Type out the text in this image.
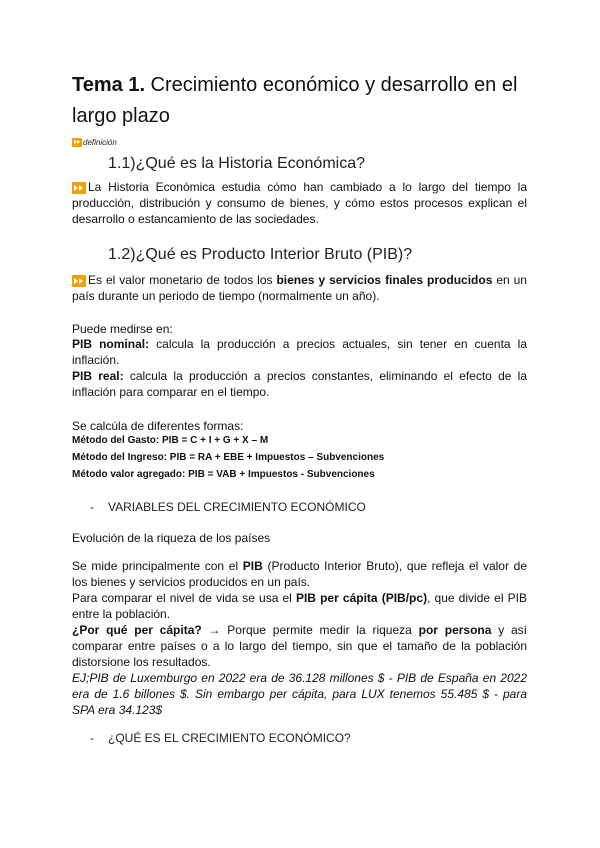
Tema 1. Crecimiento económico y desarrollo en el largo plazo
definición
1.1)¿Qué es la Historia Económica?

La Historia Económica estudia cómo han cambiado a lo largo del tiempo la producción, distribución y consumo de bienes, y cómo estos procesos explican el desarrollo o estancamiento de las sociedades.

1.2)¿Qué es Producto Interior Bruto (PIB)?

Es el valor monetario de todos los bienes y servicios finales producidos en un país durante un periodo de tiempo (normalmente un año).

Puede medirse en:

PIB nominal: calcula la producción a precios actuales, sin tener en cuenta la inflación.

PIB real: calcula la producción a precios constantes, eliminando el efecto de la inflación para comparar en el tiempo.

Se calcúla de diferentes formas:

Método del Gasto: PIB = C + I + G + X – M
Método del Ingreso: PIB = RA + EBE + Impuestos – Subvenciones
Método valor agregado: PIB = VAB + Impuestos - Subvenciones
- VARIABLES DEL CRECIMIENTO ECONÓMICO

Evolución de la riqueza de los países

Se mide principalmente con el PIB (Producto Interior Bruto), que refleja el valor de los bienes y servicios producidos en un país.

Para comparar el nivel de vida se usa el PIB per cápita (PIB/pc), que divide el PIB entre la población.

¿Por qué per cápita? → Porque permite medir la riqueza por persona y así comparar entre países o a lo largo del tiempo, sin que el tamaño de la población distorsione los resultados.

EJ;PIB de Luxemburgo en 2022 era de 36.128 millones $ - PIB de España en 2022 era de 1.6 billones $. Sin embargo per cápita, para LUX tenemos 55.485 $ - para SPA era 34.123$

- ¿QUÉ ES EL CRECIMIENTO ECONÓMICO?
